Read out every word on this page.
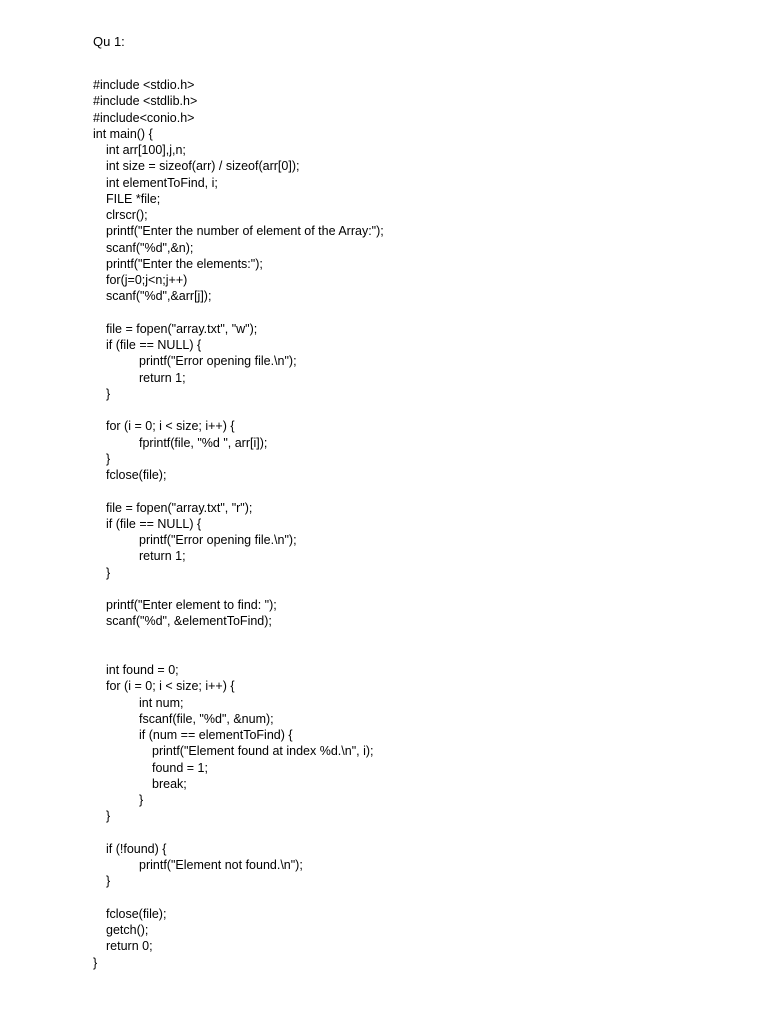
Qu 1:
#include <stdio.h>
#include <stdlib.h>
#include<conio.h>
int main() {
int arr[100],j,n;
int size = sizeof(arr) / sizeof(arr[0]);
int elementToFind, i;
FILE *file;
clrscr();
printf("Enter the number of element of the Array:");
scanf("%d",&n);
printf("Enter the elements:");
for(j=0;j<n;j++)
scanf("%d",&arr[j]);
file = fopen("array.txt", "w");
if (file == NULL) {
printf("Error opening file.\n");
return 1;
}
for (i = 0; i < size; i++) {
fprintf(file, "%d ", arr[i]);
}
fclose(file);
file = fopen("array.txt", "r");
if (file == NULL) {
printf("Error opening file.\n");
return 1;
}
printf("Enter element to find: ");
scanf("%d", &elementToFind);
int found = 0;
for (i = 0; i < size; i++) {
int num;
fscanf(file, "%d", &num);
if (num == elementToFind) {
printf("Element found at index %d.\n", i);
found = 1;
break;
}
}
if (!found) {
printf("Element not found.\n");
}
fclose(file);
getch();
return 0;
}
